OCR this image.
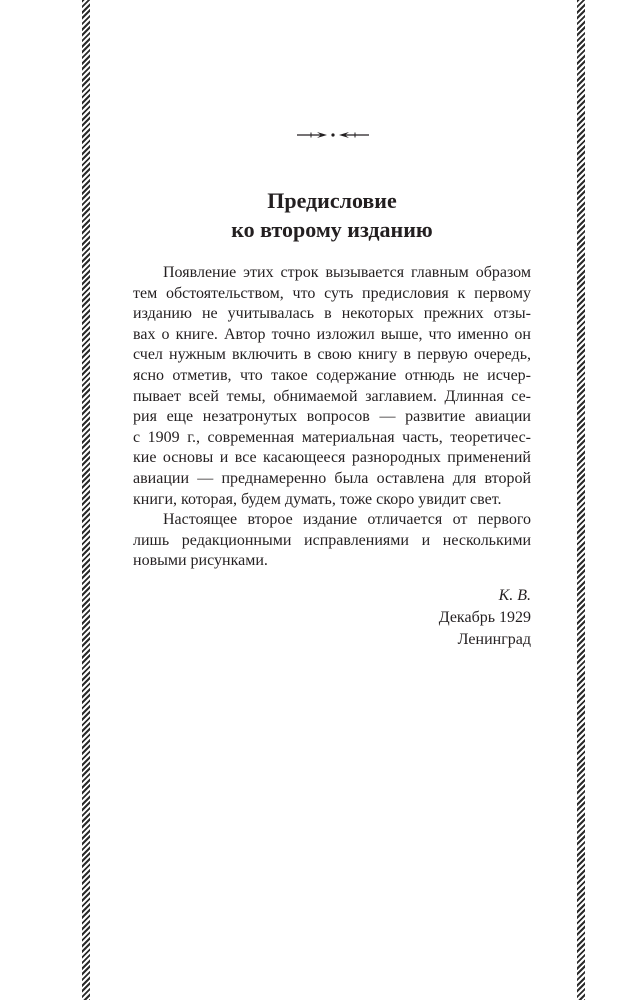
Предисловие
ко второму изданию
Появление этих строк вызывается главным образом
тем обстоятельством, что суть предисловия к первому
изданию не учитывалась в некоторых прежних отзы-
вах о книге. Автор точно изложил выше, что именно он
счел нужным включить в свою книгу в первую очередь,
ясно отметив, что такое содержание отнюдь не исчер-
пывает всей темы, обнимаемой заглавием. Длинная се-
рия еще незатронутых вопросов — развитие авиации
с 1909 г., современная материальная часть, теоретичес-
кие основы и все касающееся разнородных применений
авиации — преднамеренно была оставлена для второй
книги, которая, будем думать, тоже скоро увидит свет.
Настоящее второе издание отличается от первого
лишь редакционными исправлениями и несколькими
новыми рисунками.
К. В.
Декабрь 1929
Ленинград
